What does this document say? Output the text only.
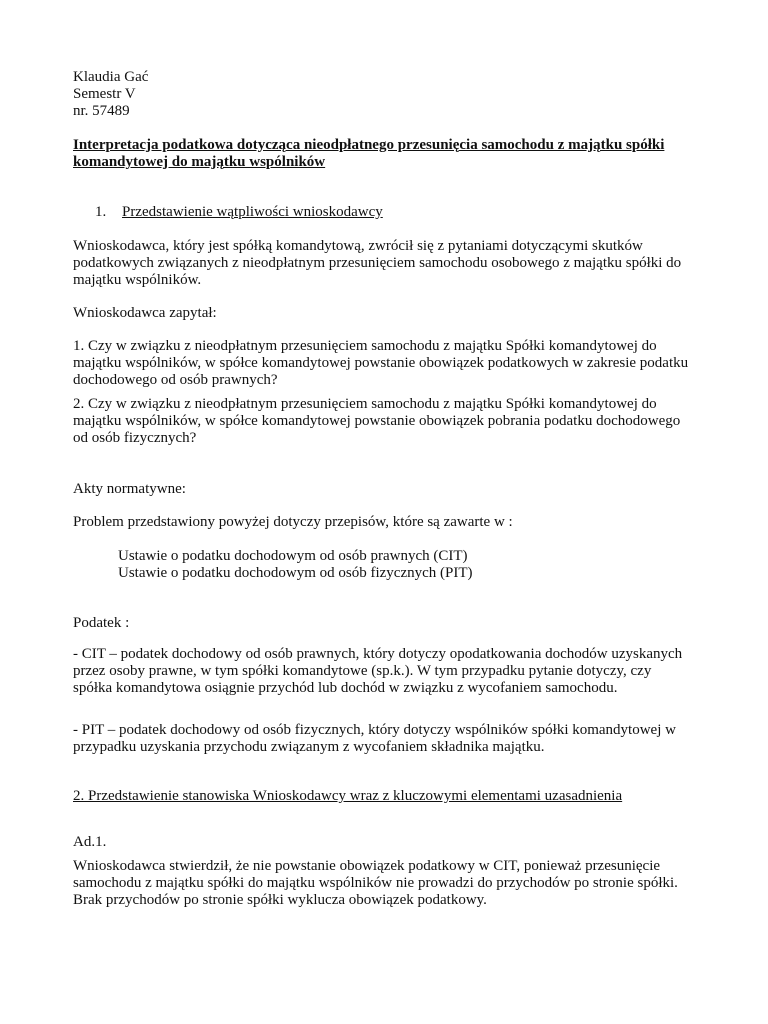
Klaudia Gać
Semestr V
nr. 57489

Interpretacja podatkowa dotycząca nieodpłatnego przesunięcia samochodu z majątku spółki komandytowej do majątku wspólników

1. Przedstawienie wątpliwości wnioskodawcy

Wnioskodawca, który jest spółką komandytową, zwrócił się z pytaniami dotyczącymi skutków podatkowych związanych z nieodpłatnym przesunięciem samochodu osobowego z majątku spółki do majątku wspólników.

Wnioskodawca zapytał:

1. Czy w związku z nieodpłatnym przesunięciem samochodu z majątku Spółki komandytowej do majątku wspólników, w spółce komandytowej powstanie obowiązek podatkowych w zakresie podatku dochodowego od osób prawnych?

2. Czy w związku z nieodpłatnym przesunięciem samochodu z majątku Spółki komandytowej do majątku wspólników, w spółce komandytowej powstanie obowiązek pobrania podatku dochodowego od osób fizycznych?

Akty normatywne:

Problem przedstawiony powyżej dotyczy przepisów, które są zawarte w :

Ustawie o podatku dochodowym od osób prawnych (CIT)
Ustawie o podatku dochodowym od osób fizycznych (PIT)

Podatek :

- CIT – podatek dochodowy od osób prawnych, który dotyczy opodatkowania dochodów uzyskanych przez osoby prawne, w tym spółki komandytowe (sp.k.). W tym przypadku pytanie dotyczy, czy spółka komandytowa osiągnie przychód lub dochód w związku z wycofaniem samochodu.

- PIT – podatek dochodowy od osób fizycznych, który dotyczy wspólników spółki komandytowej w przypadku uzyskania przychodu związanym z wycofaniem składnika majątku.

2. Przedstawienie stanowiska Wnioskodawcy wraz z kluczowymi elementami uzasadnienia

Ad.1.

Wnioskodawca stwierdził, że nie powstanie obowiązek podatkowy w CIT, ponieważ przesunięcie samochodu z majątku spółki do majątku wspólników nie prowadzi do przychodów po stronie spółki. Brak przychodów po stronie spółki wyklucza obowiązek podatkowy.
